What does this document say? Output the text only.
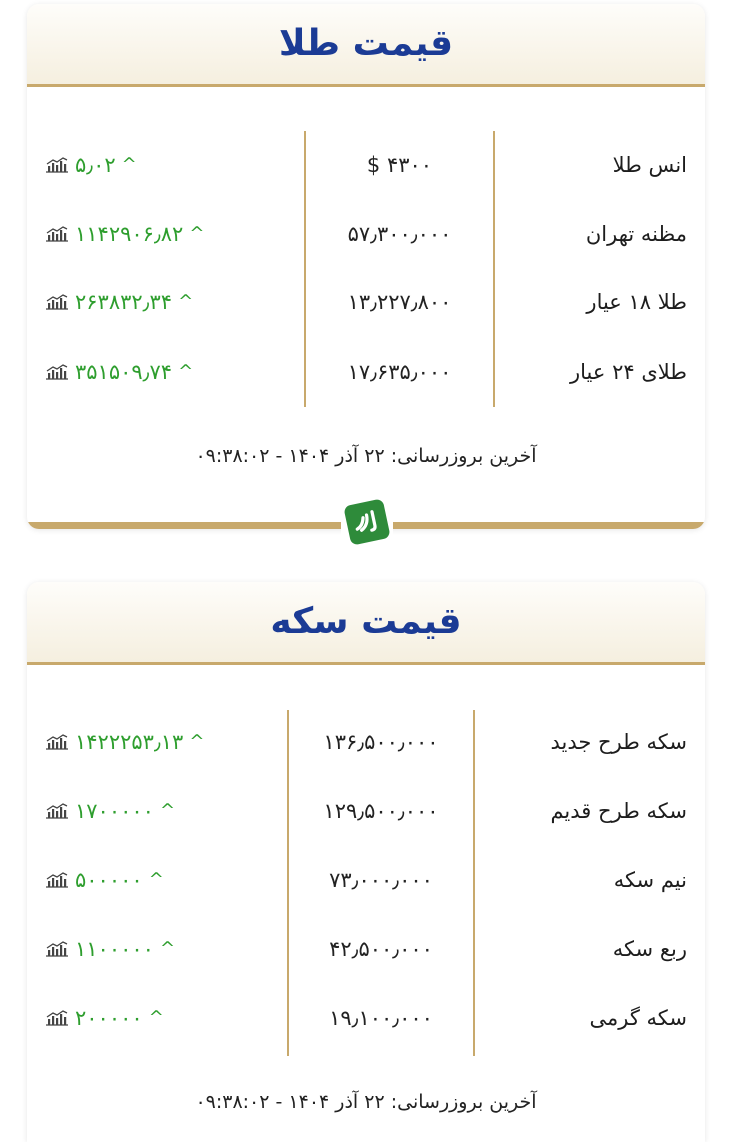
قیمت طلا
انس طلا
۴۳۰۰ $
۵٫۰۲ ^
مظنه تهران
۵۷٫۳۰۰٫۰۰۰
۱۱۴۲۹۰۶٫۸۲ ^
طلا ۱۸ عیار
۱۳٫۲۲۷٫۸۰۰
۲۶۳۸۳۲٫۳۴ ^
طلای ۲۴ عیار
۱۷٫۶۳۵٫۰۰۰
۳۵۱۵۰۹٫۷۴ ^
آخرین بروزرسانی: ۲۲ آذر ۱۴۰۴ - ۰۹:۳۸:۰۲
قیمت سکه
سکه طرح جدید
۱۳۶٫۵۰۰٫۰۰۰
۱۴۲۲۲۵۳٫۱۳ ^
سکه طرح قدیم
۱۲۹٫۵۰۰٫۰۰۰
۱۷۰۰۰۰۰ ^
نیم سکه
۷۳٫۰۰۰٫۰۰۰
۵۰۰۰۰۰ ^
ربع سکه
۴۲٫۵۰۰٫۰۰۰
۱۱۰۰۰۰۰ ^
سکه گرمی
۱۹٫۱۰۰٫۰۰۰
۲۰۰۰۰۰ ^
آخرین بروزرسانی: ۲۲ آذر ۱۴۰۴ - ۰۹:۳۸:۰۲
